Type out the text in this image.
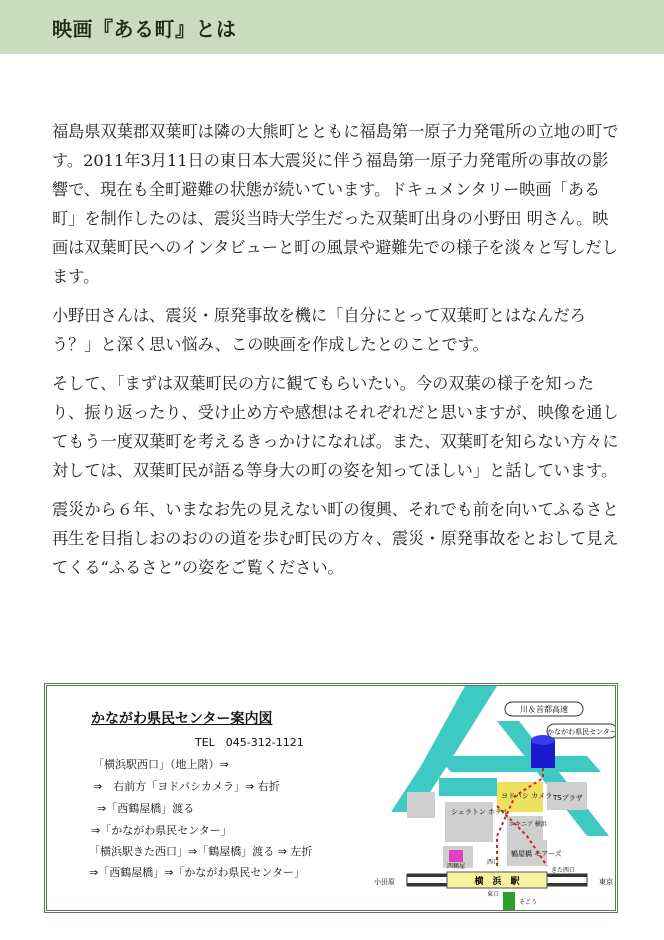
映画『ある町』とは

福島県双葉郡双葉町は隣の大熊町とともに福島第一原子力発電所の立地の町です。2011年3月11日の東日本大震災に伴う福島第一原子力発電所の事故の影響で、現在も全町避難の状態が続いています。ドキュメンタリー映画「ある町」を制作したのは、震災当時大学生だった双葉町出身の小野田 明さん。映画は双葉町民へのインタビューと町の風景や避難先での様子を淡々と写しだします。

小野田さんは、震災・原発事故を機に「自分にとって双葉町とはなんだろう？」と深く思い悩み、この映画を作成したとのことです。

そして、「まずは双葉町民の方に観てもらいたい。今の双葉の様子を知ったり、振り返ったり、受け止め方や感想はそれぞれだと思いますが、映像を通してもう一度双葉町を考えるきっかけになれば。また、双葉町を知らない方々に対しては、双葉町民が語る等身大の町の姿を知ってほしい」と話しています。

震災から６年、いまなお先の見えない町の復興、それでも前を向いてふるさと再生を目指しおのおのの道を歩む町民の方々、震災・原発事故をとおして見えてくる“ふるさと”の姿をご覧ください。

かながわ県民センター案内図
TEL　045-312-1121
「横浜駅西口」（地上階）⇒
⇒　右前方「ヨドバシカメラ」⇒ 右折
⇒「西鶴屋橋」渡る
⇒「かながわ県民センター」
「横浜駅きた西口」⇒「鶴屋橋」渡る ⇒ 左折
⇒「西鶴屋橋」⇒「かながわ県民センター」
川＆首都高速
かながわ県民センター
シェラトン ホテル
ヨドバシ カメラ TSプラザ
エキニア 横浜
西鶴屋
鶴屋橋 モアーズ
西口
きた西口
横　浜　駅
小田原	東京
東口
そごう
